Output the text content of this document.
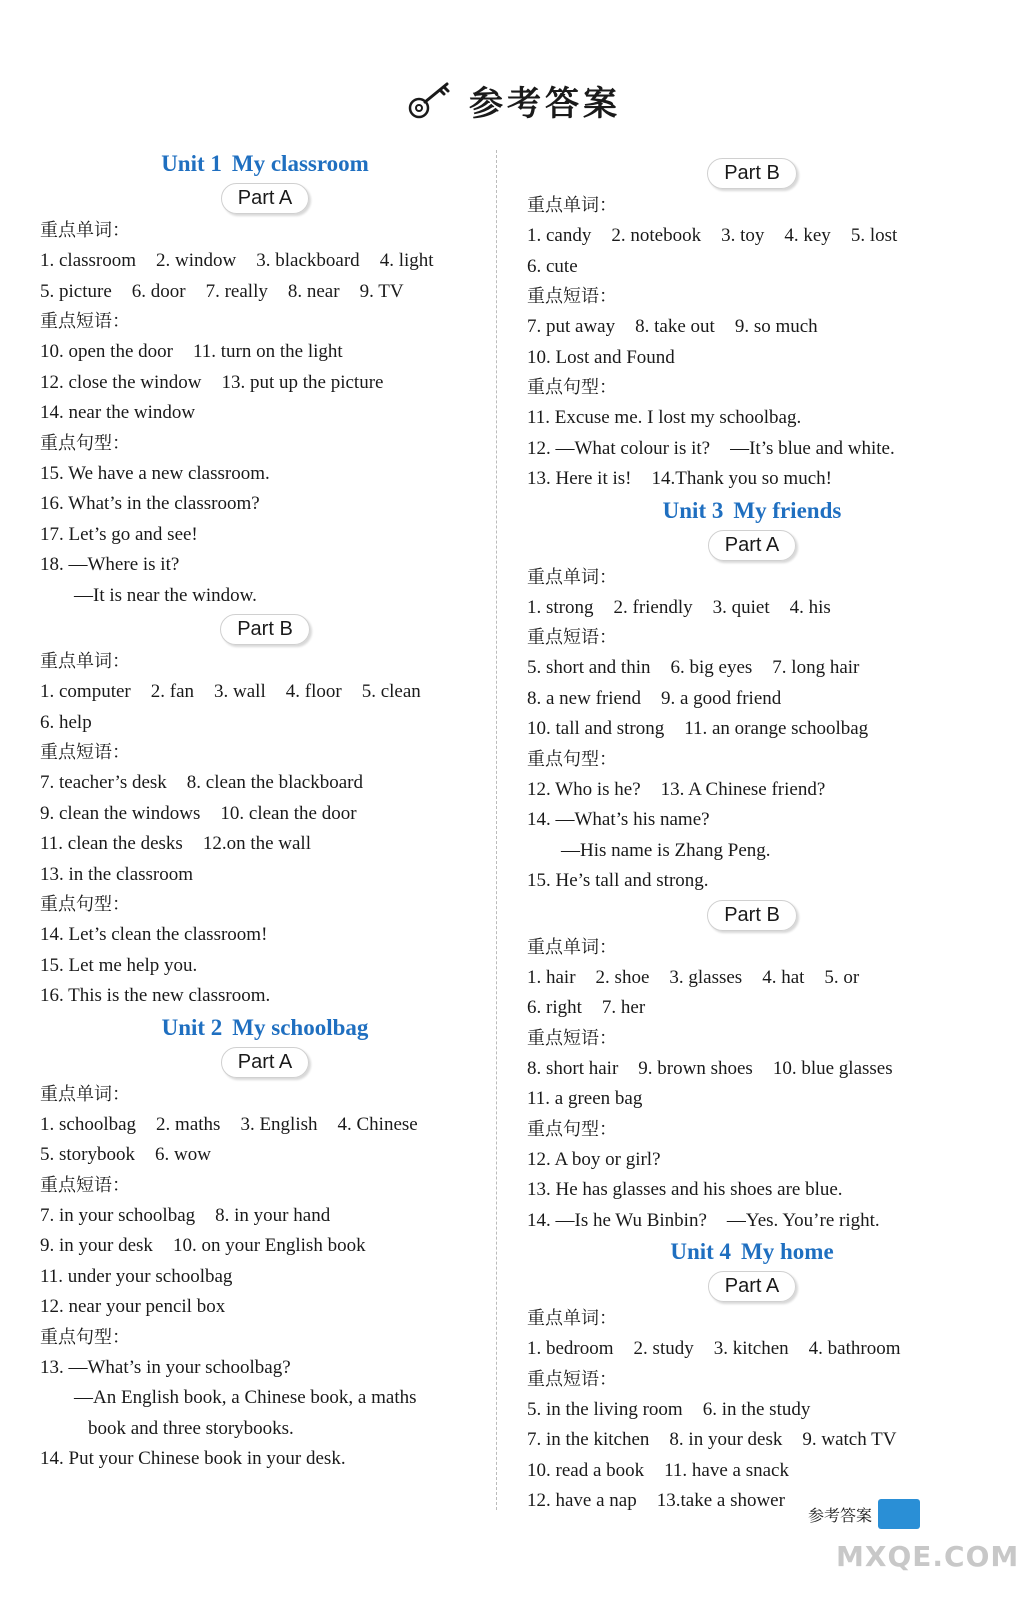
参考答案
Unit 1 My classroom
Part A
重点单词：
1. classroom 2. window 3. blackboard 4. light
5. picture 6. door 7. really 8. near 9. TV
重点短语：
10. open the door 11. turn on the light
12. close the window 13. put up the picture
14. near the window
重点句型：
15. We have a new classroom.
16. What’s in the classroom?
17. Let’s go and see!
18. —Where is it?
—It is near the window.
Part B
重点单词：
1. computer 2. fan 3. wall 4. floor 5. clean
6. help
重点短语：
7. teacher’s desk 8. clean the blackboard
9. clean the windows 10. clean the door
11. clean the desks 12.on the wall
13. in the classroom
重点句型：
14. Let’s clean the classroom!
15. Let me help you.
16. This is the new classroom.
Unit 2 My schoolbag
Part A
重点单词：
1. schoolbag 2. maths 3. English 4. Chinese
5. storybook 6. wow
重点短语：
7. in your schoolbag 8. in your hand
9. in your desk 10. on your English book
11. under your schoolbag
12. near your pencil box
重点句型：
13. —What’s in your schoolbag?
—An English book, a Chinese book, a maths
book and three storybooks.
14. Put your Chinese book in your desk.
Part B
重点单词：
1. candy 2. notebook 3. toy 4. key 5. lost
6. cute
重点短语：
7. put away 8. take out 9. so much
10. Lost and Found
重点句型：
11. Excuse me. I lost my schoolbag.
12. —What colour is it? —It’s blue and white.
13. Here it is! 14.Thank you so much!
Unit 3 My friends
Part A
重点单词：
1. strong 2. friendly 3. quiet 4. his
重点短语：
5. short and thin 6. big eyes 7. long hair
8. a new friend 9. a good friend
10. tall and strong 11. an orange schoolbag
重点句型：
12. Who is he? 13. A Chinese friend?
14. —What’s his name?
—His name is Zhang Peng.
15. He’s tall and strong.
Part B
重点单词：
1. hair 2. shoe 3. glasses 4. hat 5. or
6. right 7. her
重点短语：
8. short hair 9. brown shoes 10. blue glasses
11. a green bag
重点句型：
12. A boy or girl?
13. He has glasses and his shoes are blue.
14. —Is he Wu Binbin? —Yes. You’re right.
Unit 4 My home
Part A
重点单词：
1. bedroom 2. study 3. kitchen 4. bathroom
重点短语：
5. in the living room 6. in the study
7. in the kitchen 8. in your desk 9. watch TV
10. read a book 11. have a snack
12. have a nap 13.take a shower
参考答案
MXQE.COM
